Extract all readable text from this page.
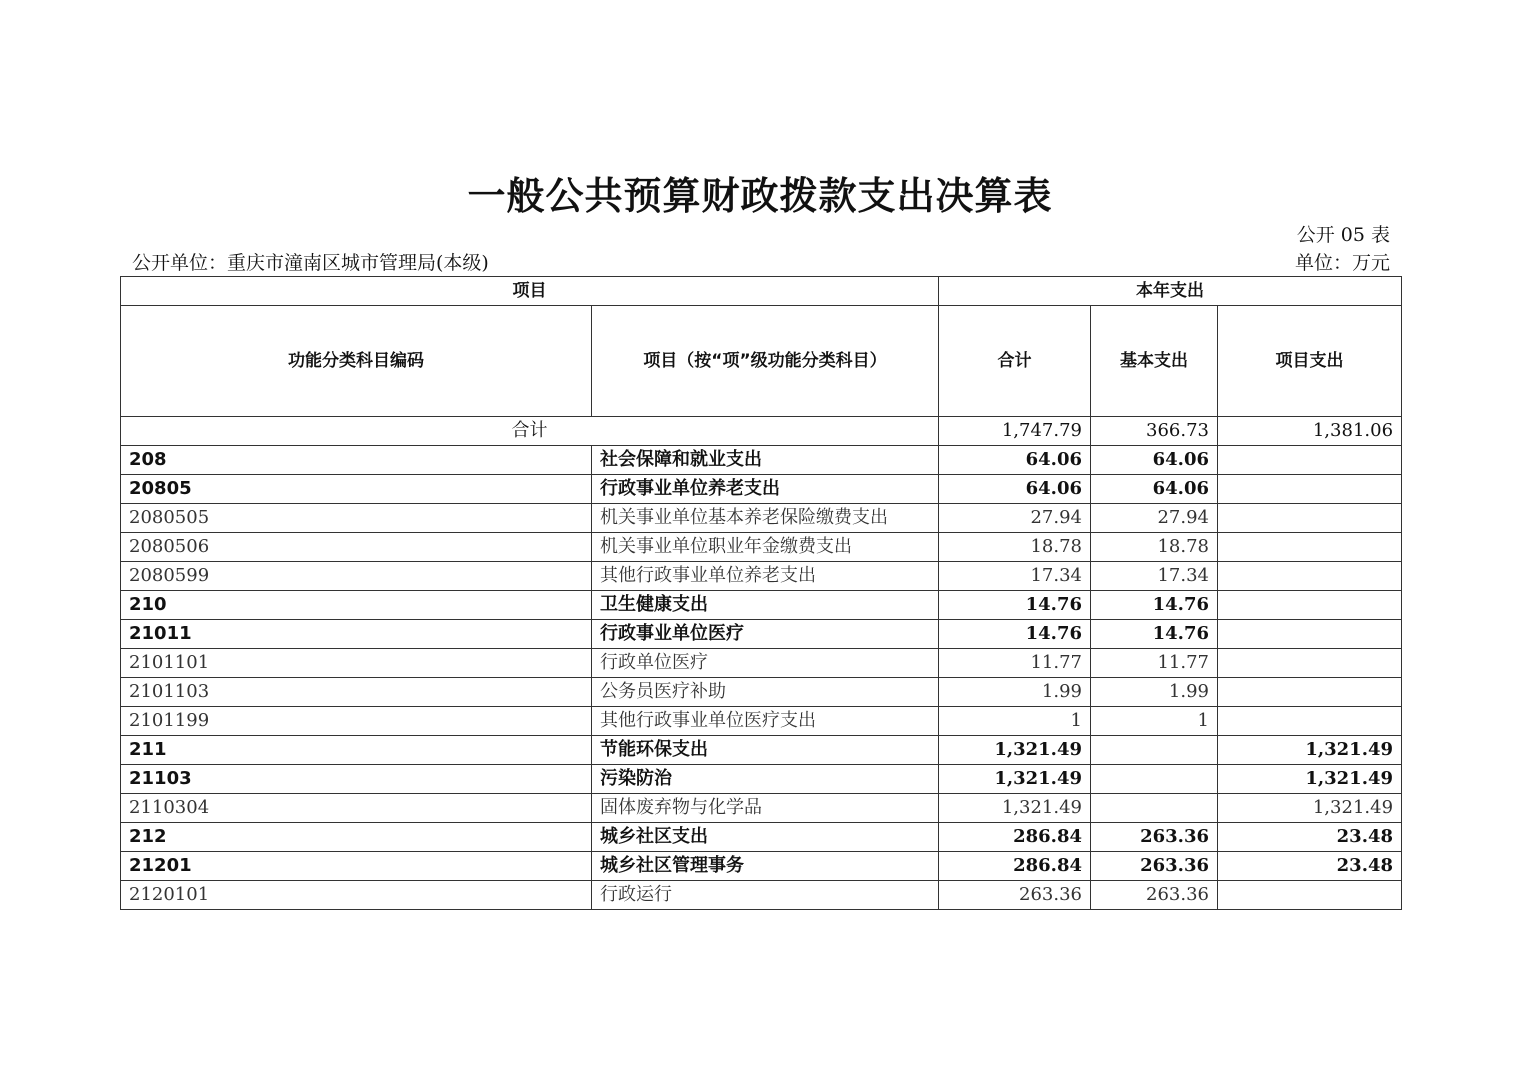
一般公共预算财政拨款支出决算表
公开 05 表
公开单位：重庆市潼南区城市管理局(本级)	单位：万元
项目		本年支出		
功能分类科目编码	项目（按“项”级功能分类科目）	合计	基本支出	项目支出
合计		1,747.79	366.73	1,381.06
208	社会保障和就业支出	64.06	64.06	
20805	行政事业单位养老支出	64.06	64.06	
2080505	机关事业单位基本养老保险缴费支出	27.94	27.94	
2080506	机关事业单位职业年金缴费支出	18.78	18.78	
2080599	其他行政事业单位养老支出	17.34	17.34	
210	卫生健康支出	14.76	14.76	
21011	行政事业单位医疗	14.76	14.76	
2101101	行政单位医疗	11.77	11.77	
2101103	公务员医疗补助	1.99	1.99	
2101199	其他行政事业单位医疗支出	1	1	
211	节能环保支出	1,321.49		1,321.49
21103	污染防治	1,321.49		1,321.49
2110304	固体废弃物与化学品	1,321.49		1,321.49
212	城乡社区支出	286.84	263.36	23.48
21201	城乡社区管理事务	286.84	263.36	23.48
2120101	行政运行	263.36	263.36	
